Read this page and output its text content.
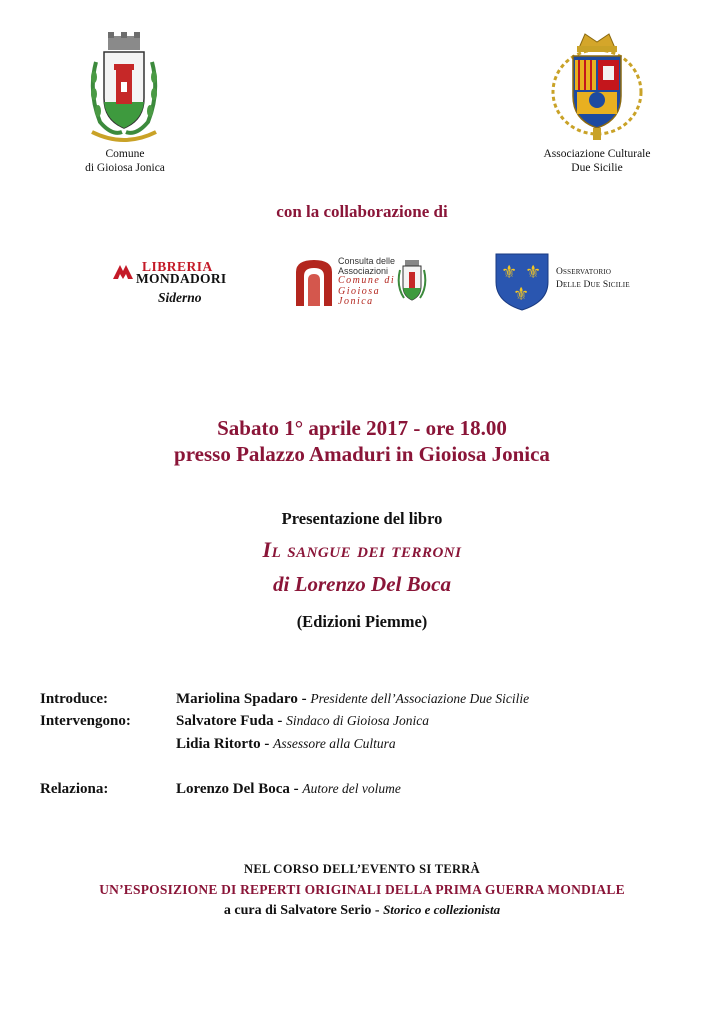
Comune
di Gioiosa Jonica
Associazione Culturale
Due Sicilie
con la collaborazione di
LIBRERIA
MONDADORI
Siderno
Consulta delle
Associazioni
Comune di
Gioiosa
Jonica
⚜ ⚜
⚜
Osservatorio
Delle Due Sicilie
Sabato 1° aprile 2017 - ore 18.00
presso Palazzo Amaduri in Gioiosa Jonica
Presentazione del libro
Il sangue dei terroni
di Lorenzo Del Boca
(Edizioni Piemme)
Introduce:	Mariolina Spadaro - Presidente dell’Associazione Due Sicilie
Intervengono:	Salvatore Fuda - Sindaco di Gioiosa Jonica
Lidia Ritorto - Assessore alla Cultura
Relaziona:	Lorenzo Del Boca - Autore del volume
NEL CORSO DELL’EVENTO SI TERRÀ
UN’ESPOSIZIONE DI REPERTI ORIGINALI DELLA PRIMA GUERRA MONDIALE
a cura di Salvatore Serio - Storico e collezionista
